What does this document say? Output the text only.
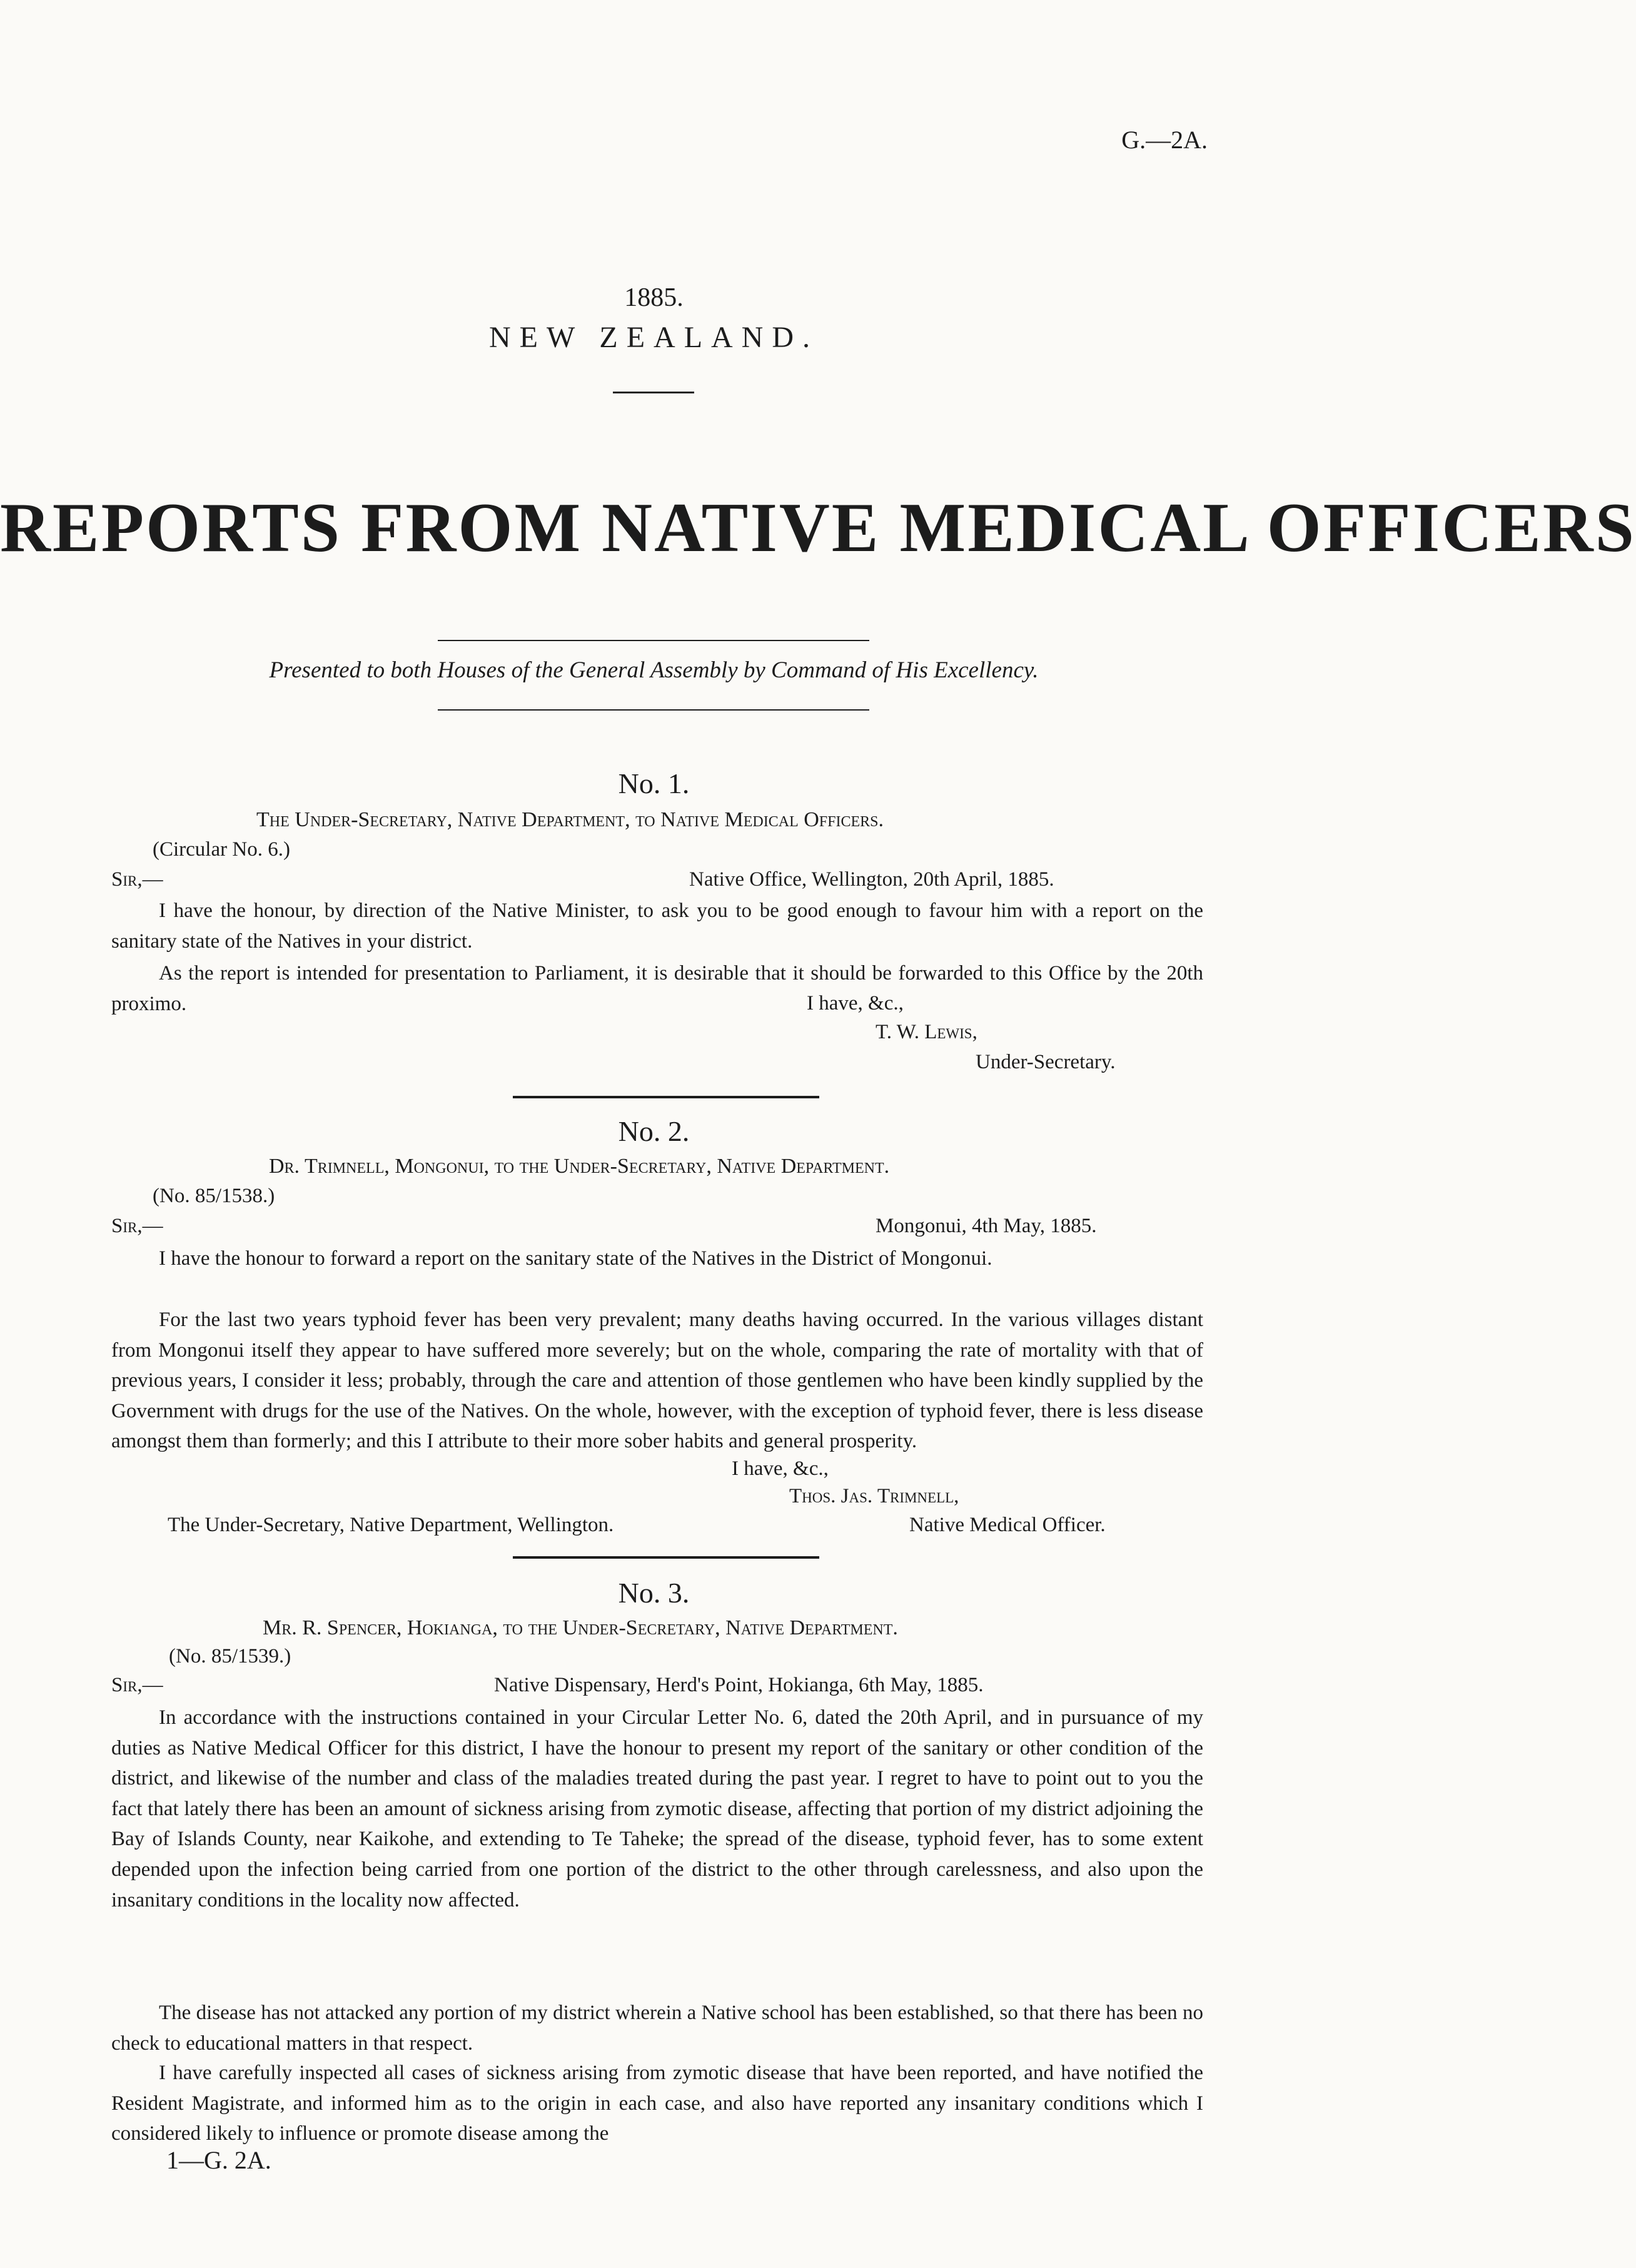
G.—2A.
1885.
NEW ZEALAND.
REPORTS FROM NATIVE MEDICAL OFFICERS
Presented to both Houses of the General Assembly by Command of His Excellency.
No. 1.
The Under-Secretary, Native Department, to Native Medical Officers.
(Circular No. 6.)
Sir,—	Native Office, Wellington, 20th April, 1885.
I have the honour, by direction of the Native Minister, to ask you to be good enough to favour him with a report on the sanitary state of the Natives in your district.
As the report is intended for presentation to Parliament, it is desirable that it should be forwarded to this Office by the 20th proximo.	I have, &c.,
T. W. Lewis,
Under-Secretary.
No. 2.
Dr. Trimnell, Mongonui, to the Under-Secretary, Native Department.
(No. 85/1538.)
Sir,—	Mongonui, 4th May, 1885.
I have the honour to forward a report on the sanitary state of the Natives in the District of Mongonui.
For the last two years typhoid fever has been very prevalent; many deaths having occurred. In the various villages distant from Mongonui itself they appear to have suffered more severely; but on the whole, comparing the rate of mortality with that of previous years, I consider it less; probably, through the care and attention of those gentlemen who have been kindly supplied by the Government with drugs for the use of the Natives. On the whole, however, with the exception of typhoid fever, there is less disease amongst them than formerly; and this I attribute to their more sober habits and general prosperity.
I have, &c.,
Thos. Jas. Trimnell,
The Under-Secretary, Native Department, Wellington.	Native Medical Officer.
No. 3.
Mr. R. Spencer, Hokianga, to the Under-Secretary, Native Department.
(No. 85/1539.)
Sir,—	Native Dispensary, Herd's Point, Hokianga, 6th May, 1885.
In accordance with the instructions contained in your Circular Letter No. 6, dated the 20th April, and in pursuance of my duties as Native Medical Officer for this district, I have the honour to present my report of the sanitary or other condition of the district, and likewise of the number and class of the maladies treated during the past year. I regret to have to point out to you the fact that lately there has been an amount of sickness arising from zymotic disease, affecting that portion of my district adjoining the Bay of Islands County, near Kaikohe, and extending to Te Taheke; the spread of the disease, typhoid fever, has to some extent depended upon the infection being carried from one portion of the district to the other through carelessness, and also upon the insanitary conditions in the locality now affected.
The disease has not attacked any portion of my district wherein a Native school has been established, so that there has been no check to educational matters in that respect.
I have carefully inspected all cases of sickness arising from zymotic disease that have been reported, and have notified the Resident Magistrate, and informed him as to the origin in each case, and also have reported any insanitary conditions which I considered likely to influence or promote disease among the
1—G. 2A.
